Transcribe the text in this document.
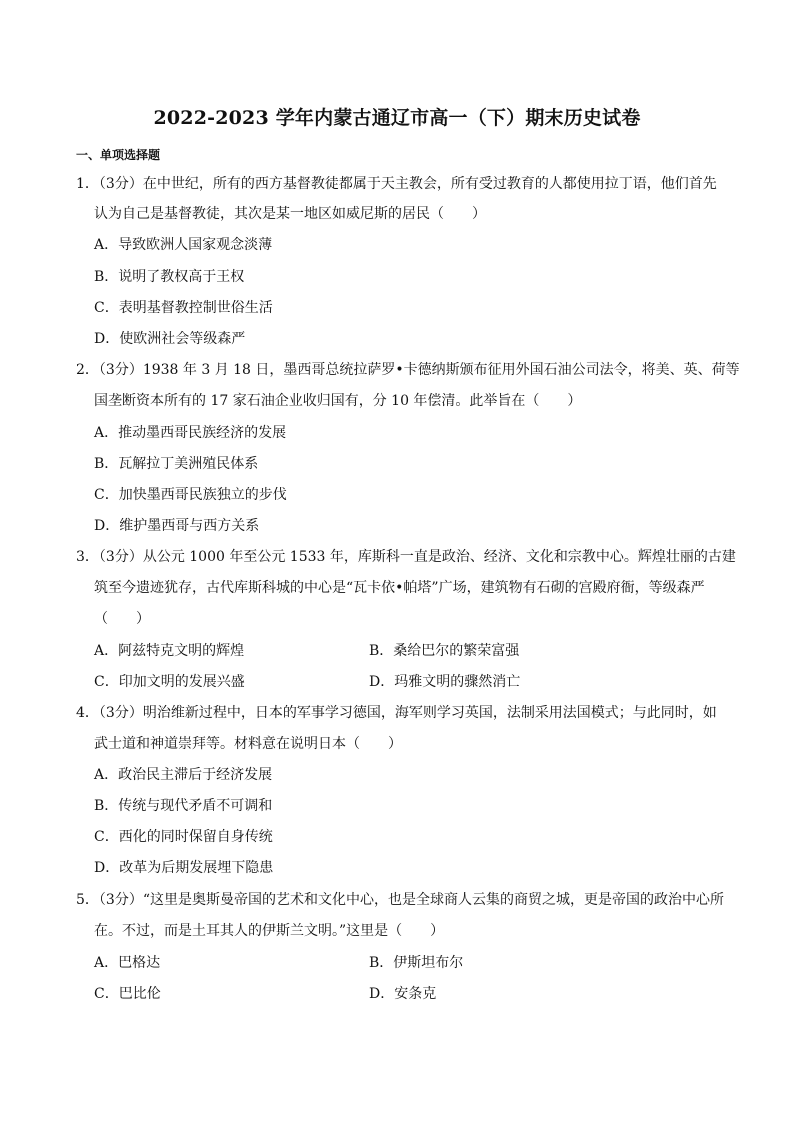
2022-2023 学年内蒙古通辽市高一（下）期末历史试卷
一、单项选择题
1．（3分）在中世纪，所有的西方基督教徒都属于天主教会，所有受过教育的人都使用拉丁语，他们首先
认为自己是基督教徒，其次是某一地区如威尼斯的居民（　　）
A．导致欧洲人国家观念淡薄
B．说明了教权高于王权
C．表明基督教控制世俗生活
D．使欧洲社会等级森严
2．（3分）1938 年 3 月 18 日，墨西哥总统拉萨罗•卡德纳斯颁布征用外国石油公司法令，将美、英、荷等
国垄断资本所有的 17 家石油企业收归国有，分 10 年偿清。此举旨在（　　）
A．推动墨西哥民族经济的发展
B．瓦解拉丁美洲殖民体系
C．加快墨西哥民族独立的步伐
D．维护墨西哥与西方关系
3．（3分）从公元 1000 年至公元 1533 年，库斯科一直是政治、经济、文化和宗教中心。辉煌壮丽的古建
筑至今遗迹犹存，古代库斯科城的中心是“瓦卡依•帕塔”广场，建筑物有石砌的宫殿府衙，等级森严
（　　）
A．阿兹特克文明的辉煌	B．桑给巴尔的繁荣富强
C．印加文明的发展兴盛	D．玛雅文明的骤然消亡
4．（3分）明治维新过程中，日本的军事学习德国，海军则学习英国，法制采用法国模式；与此同时，如
武士道和神道崇拜等。材料意在说明日本（　　）
A．政治民主滞后于经济发展
B．传统与现代矛盾不可调和
C．西化的同时保留自身传统
D．改革为后期发展埋下隐患
5．（3分）“这里是奥斯曼帝国的艺术和文化中心，也是全球商人云集的商贸之城，更是帝国的政治中心所
在。不过，而是土耳其人的伊斯兰文明。”这里是（　　）
A．巴格达	B．伊斯坦布尔
C．巴比伦	D．安条克
